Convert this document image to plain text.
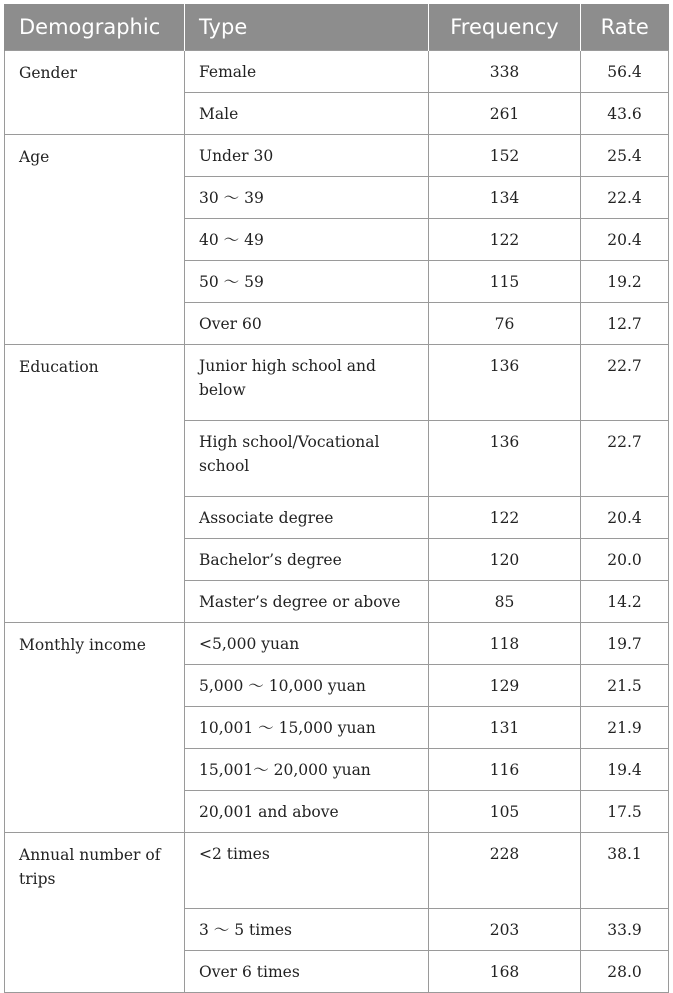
Demographic	Type	Frequency	Rate
Gender	Female	338	56.4
	Male	261	43.6
Age	Under 30	152	25.4
	30 ～ 39	134	22.4
	40 ～ 49	122	20.4
	50 ～ 59	115	19.2
	Over 60	76	12.7
Education	Junior high school and below	136	22.7
	High school/Vocational school	136	22.7
	Associate degree	122	20.4
	Bachelor’s degree	120	20.0
	Master’s degree or above	85	14.2
Monthly income	<5,000 yuan	118	19.7
	5,000 ～ 10,000 yuan	129	21.5
	10,001 ～ 15,000 yuan	131	21.9
	15,001～ 20,000 yuan	116	19.4
	20,001 and above	105	17.5
Annual number of trips	<2 times	228	38.1
	3 ～ 5 times	203	33.9
	Over 6 times	168	28.0
